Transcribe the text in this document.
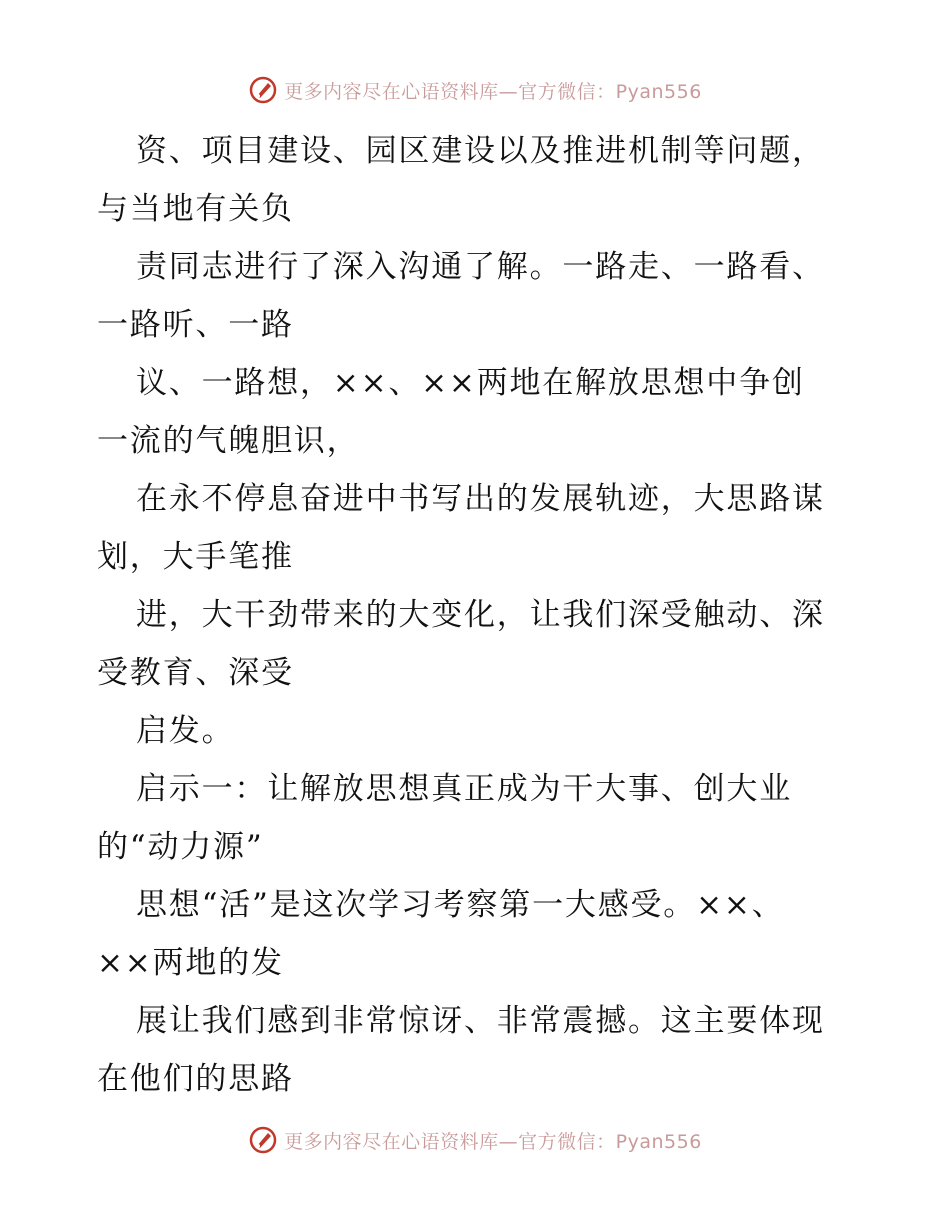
更多内容尽在心语资料库—官方微信：Pyan556
资、项目建设、园区建设以及推进机制等问题，
与当地有关负
责同志进行了深入沟通了解。一路走、一路看、
一路听、一路
议、一路想，××、××两地在解放思想中争创
一流的气魄胆识，
在永不停息奋进中书写出的发展轨迹，大思路谋
划，大手笔推
进，大干劲带来的大变化，让我们深受触动、深
受教育、深受
启发。
启示一：让解放思想真正成为干大事、创大业
的“动力源”
思想“活”是这次学习考察第一大感受。××、
××两地的发
展让我们感到非常惊讶、非常震撼。这主要体现
在他们的思路
更多内容尽在心语资料库—官方微信：Pyan556
